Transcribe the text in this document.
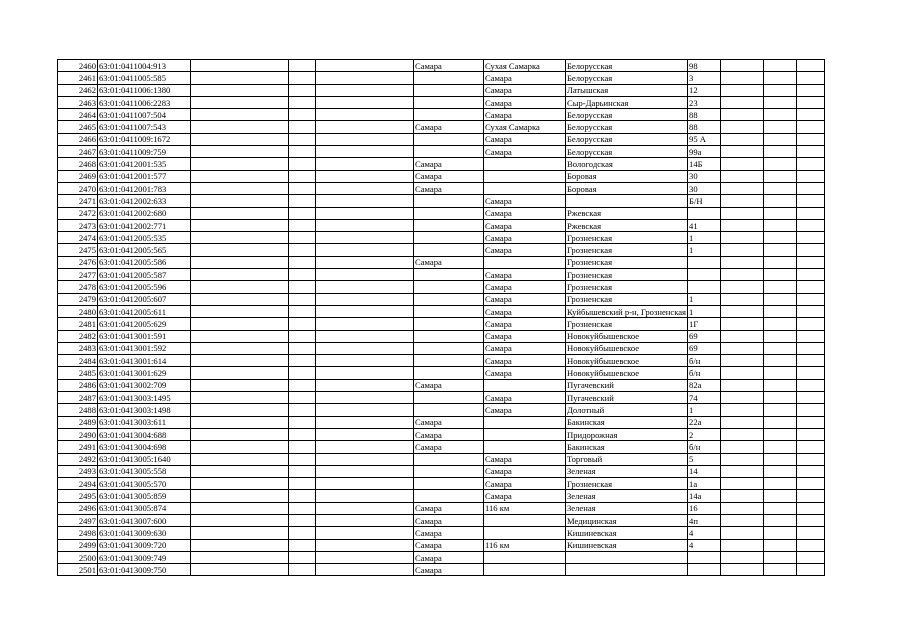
2460	63:01:0411004:913				Самара	Сухая Самарка	Белорусская	98			
2461	63:01:0411005:585					Самара	Белорусская	3			
2462	63:01:0411006:1380					Самара	Латышская	12			
2463	63:01:0411006:2283					Самара	Сыр-Дарьинская	23			
2464	63:01:0411007:504					Самара	Белорусская	88			
2465	63:01:0411007:543				Самара	Сухая Самарка	Белорусская	88			
2466	63:01:0411009:1672					Самара	Белорусская	95 А			
2467	63:01:0411009:759					Самара	Белорусская	99а			
2468	63:01:0412001:535				Самара		Вологодская	14Б			
2469	63:01:0412001:577				Самара		Боровая	30			
2470	63:01:0412001:783				Самара		Боровая	30			
2471	63:01:0412002:633					Самара		Б/Н			
2472	63:01:0412002:680					Самара	Ржевская				
2473	63:01:0412002:771					Самара	Ржевская	41			
2474	63:01:0412005:535					Самара	Грозненская	1			
2475	63:01:0412005:565					Самара	Грозненская	1			
2476	63:01:0412005:586				Самара		Грозненская				
2477	63:01:0412005:587					Самара	Грозненская				
2478	63:01:0412005:596					Самара	Грозненская				
2479	63:01:0412005:607					Самара	Грозненская	1			
2480	63:01:0412005:611					Самара	Куйбышевский р-н, Грозненская	1			
2481	63:01:0412005:629					Самара	Грозненская	1Г			
2482	63:01:0413001:591					Самара	Новокуйбышевское	69			
2483	63:01:0413001:592					Самара	Новокуйбышевское	69			
2484	63:01:0413001:614					Самара	Новокуйбышевское	б/н			
2485	63:01:0413001:629					Самара	Новокуйбышевское	б/н			
2486	63:01:0413002:709				Самара		Пугачевский	82а			
2487	63:01:0413003:1495					Самара	Пугачевский	74			
2488	63:01:0413003:1498					Самара	Долотный	1			
2489	63:01:0413003:611				Самара		Бакинская	22а			
2490	63:01:0413004:688				Самара		Придорожная	2			
2491	63:01:0413004:698				Самара		Бакинская	б/н			
2492	63:01:0413005:1640					Самара	Торговый	5			
2493	63:01:0413005:558					Самара	Зеленая	14			
2494	63:01:0413005:570					Самара	Грозненская	1а			
2495	63:01:0413005:859					Самара	Зеленая	14а			
2496	63:01:0413005:874				Самара	116 км	Зеленая	16			
2497	63:01:0413007:600				Самара		Медицинская	4п			
2498	63:01:0413009:630				Самара		Кишиневская	4			
2499	63:01:0413009:720				Самара	116 км	Кишиневская	4			
2500	63:01:0413009:749				Самара						
2501	63:01:0413009:750				Самара						
